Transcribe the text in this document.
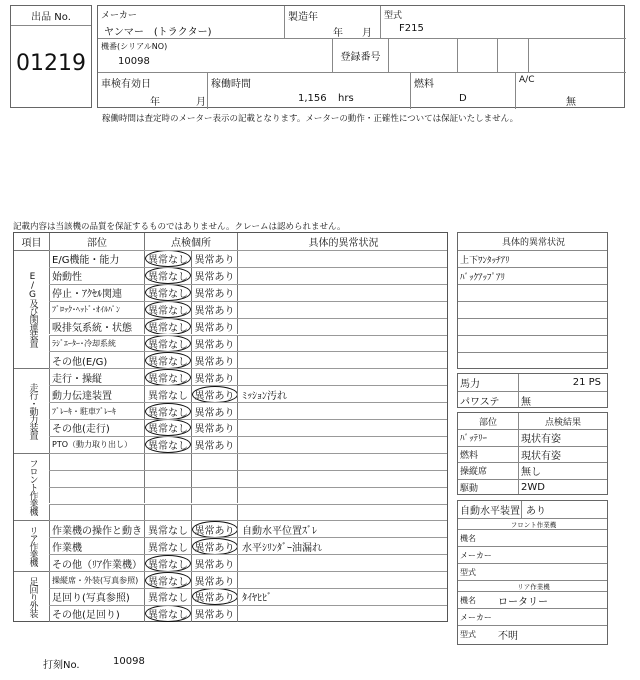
出品 No.
01219
メーカー
ヤンマー　(トラクター)
製造年
年 月
型式
F215
機番(シリアルNO)
10098	登録番号
車検有効日
年	月
稼働時間
1,156 hrs
燃料
D
A/C
無
稼働時間は査定時のメーター表示の記載となります。メーターの動作・正確性については保証いたしません。
記載内容は当該機の品質を保証するものではありません。クレームは認められません。
項目	部位	点検個所	具体的異常状況
E/G及び関連装置
E/G機能・能力	異常なし 異常あり
始動性	異常なし 異常あり
停止・ｱｸｾﾙ関連	異常なし 異常あり
ﾌﾞﾛｯｸ･ﾍｯﾄﾞ･ｵｲﾙﾊﾟﾝ	異常なし 異常あり
吸排気系統・状態	異常なし 異常あり
ﾗｼﾞｴｰﾀｰ･冷却系統	異常なし 異常あり
その他(E/G)	異常なし 異常あり
走行・動力装置
走行・操縦	異常なし 異常あり
動力伝達装置	異常なし 異常あり ﾐｯｼｮﾝ汚れ
ﾌﾞﾚｰｷ・駐車ﾌﾞﾚｰｷ	異常なし 異常あり
その他(走行)	異常なし 異常あり
PTO（動力取り出し）	異常なし 異常あり
フロント作業機
リア作業機	作業機の操作と動き 異常なし 異常あり 自動水平位置ｽﾞﾚ
作業機	異常なし 異常あり 水平ｼﾘﾝﾀﾞｰ油漏れ
その他（ﾘｱ作業機） 異常なし 異常あり
足回り外装	操縦席・外装(写真参照) 異常なし 異常あり
足回り(写真参照)	異常なし 異常あり ﾀｲﾔﾋﾋﾞ
その他(足回り)	異常なし 異常あり
具体的異常状況
上下ﾜﾝﾀｯﾁｱﾘ
ﾊﾞｯｸｱｯﾌﾟｱﾘ
馬力	21 PS
パワステ 無
部位	点検結果
ﾊﾞｯﾃﾘｰ	現状有姿
燃料	現状有姿
操縦席	無し
駆動	2WD
自動水平装置 あり
フロント作業機
機名
メーカー
型式
リア作業機
機名 ロータリー
メーカー
型式 不明
打刻No.	10098
